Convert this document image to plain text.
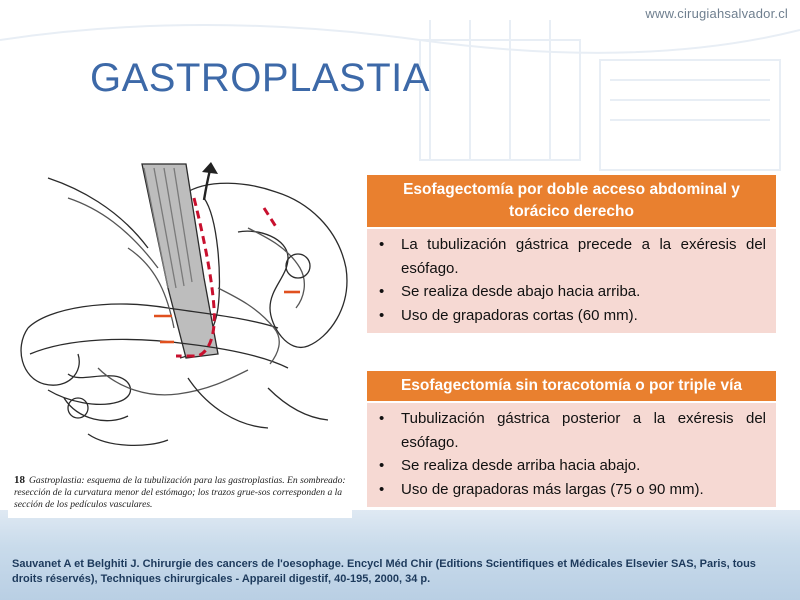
www.cirugiahsalvador.cl
GASTROPLASTIA
18 Gastroplastia: esquema de la tubulización para las gastroplastias. En sombreado: resección de la curvatura menor del estómago; los trazos grue-sos corresponden a la sección de los pedículos vasculares.
Esofagectomía por doble acceso abdominal y torácico derecho
• La tubulización gástrica precede a la exéresis del esófago.
• Se realiza desde abajo hacia arriba.
• Uso de grapadoras cortas (60 mm).
Esofagectomía sin toracotomía o por triple vía
• Tubulización gástrica posterior a la exéresis del esófago.
• Se realiza desde arriba hacia abajo.
• Uso de grapadoras más largas (75 o 90 mm).
Sauvanet A et Belghiti J. Chirurgie des cancers de l'oesophage. Encycl Méd Chir (Editions Scientifiques et Médicales Elsevier SAS, Paris, tous droits réservés), Techniques chirurgicales - Appareil digestif, 40-195, 2000, 34 p.
